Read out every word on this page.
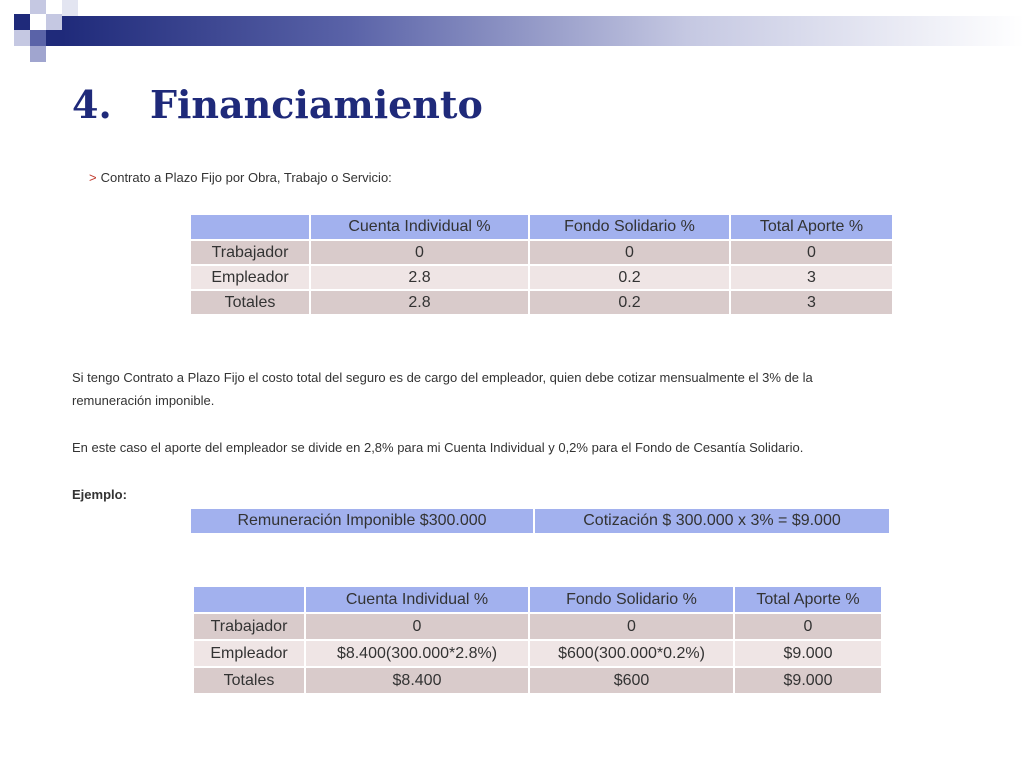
4. Financiamiento
> Contrato a Plazo Fijo por Obra, Trabajo o Servicio:
	Cuenta Individual %	Fondo Solidario %	Total Aporte %
Trabajador	0	0	0
Empleador	2.8	0.2	3
Totales	2.8	0.2	3
Si tengo Contrato a Plazo Fijo el costo total del seguro es de cargo del empleador, quien debe cotizar mensualmente el 3% de la
remuneración imponible.
En este caso el aporte del empleador se divide en 2,8% para mi Cuenta Individual y 0,2% para el Fondo de Cesantía Solidario.
Ejemplo:
Remuneración Imponible $300.000	Cotización $ 300.000 x 3% = $9.000
	Cuenta Individual %	Fondo Solidario %	Total Aporte %
Trabajador	0	0	0
Empleador	$8.400(300.000*2.8%)	$600(300.000*0.2%)	$9.000
Totales	$8.400	$600	$9.000
